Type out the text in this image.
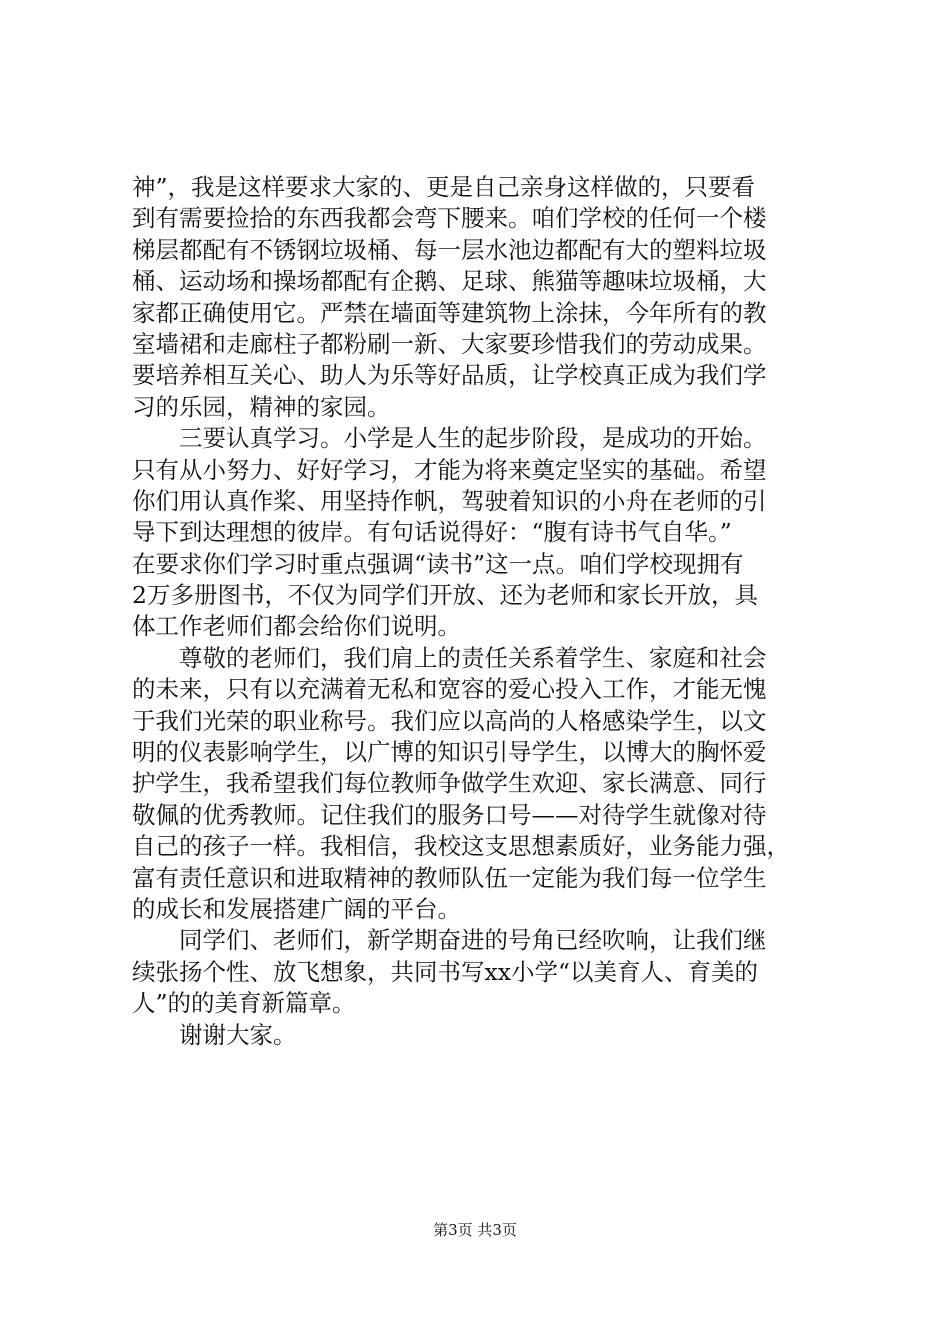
神”，我是这样要求大家的、更是自己亲身这样做的，只要看
到有需要捡拾的东西我都会弯下腰来。咱们学校的任何一个楼
梯层都配有不锈钢垃圾桶、每一层水池边都配有大的塑料垃圾
桶、运动场和操场都配有企鹅、足球、熊猫等趣味垃圾桶，大
家都正确使用它。严禁在墙面等建筑物上涂抹，今年所有的教
室墙裙和走廊柱子都粉刷一新、大家要珍惜我们的劳动成果。
要培养相互关心、助人为乐等好品质，让学校真正成为我们学
习的乐园，精神的家园。
三要认真学习。小学是人生的起步阶段，是成功的开始。
只有从小努力、好好学习，才能为将来奠定坚实的基础。希望
你们用认真作桨、用坚持作帆，驾驶着知识的小舟在老师的引
导下到达理想的彼岸。有句话说得好：“腹有诗书气自华。”
在要求你们学习时重点强调“读书”这一点。咱们学校现拥有
2万多册图书，不仅为同学们开放、还为老师和家长开放，具
体工作老师们都会给你们说明。
尊敬的老师们，我们肩上的责任关系着学生、家庭和社会
的未来，只有以充满着无私和宽容的爱心投入工作，才能无愧
于我们光荣的职业称号。我们应以高尚的人格感染学生，以文
明的仪表影响学生，以广博的知识引导学生，以博大的胸怀爱
护学生，我希望我们每位教师争做学生欢迎、家长满意、同行
敬佩的优秀教师。记住我们的服务口号——对待学生就像对待
自己的孩子一样。我相信，我校这支思想素质好，业务能力强，
富有责任意识和进取精神的教师队伍一定能为我们每一位学生
的成长和发展搭建广阔的平台。
同学们、老师们，新学期奋进的号角已经吹响，让我们继
续张扬个性、放飞想象，共同书写xx小学“以美育人、育美的
人”的的美育新篇章。
谢谢大家。
第3页 共3页
